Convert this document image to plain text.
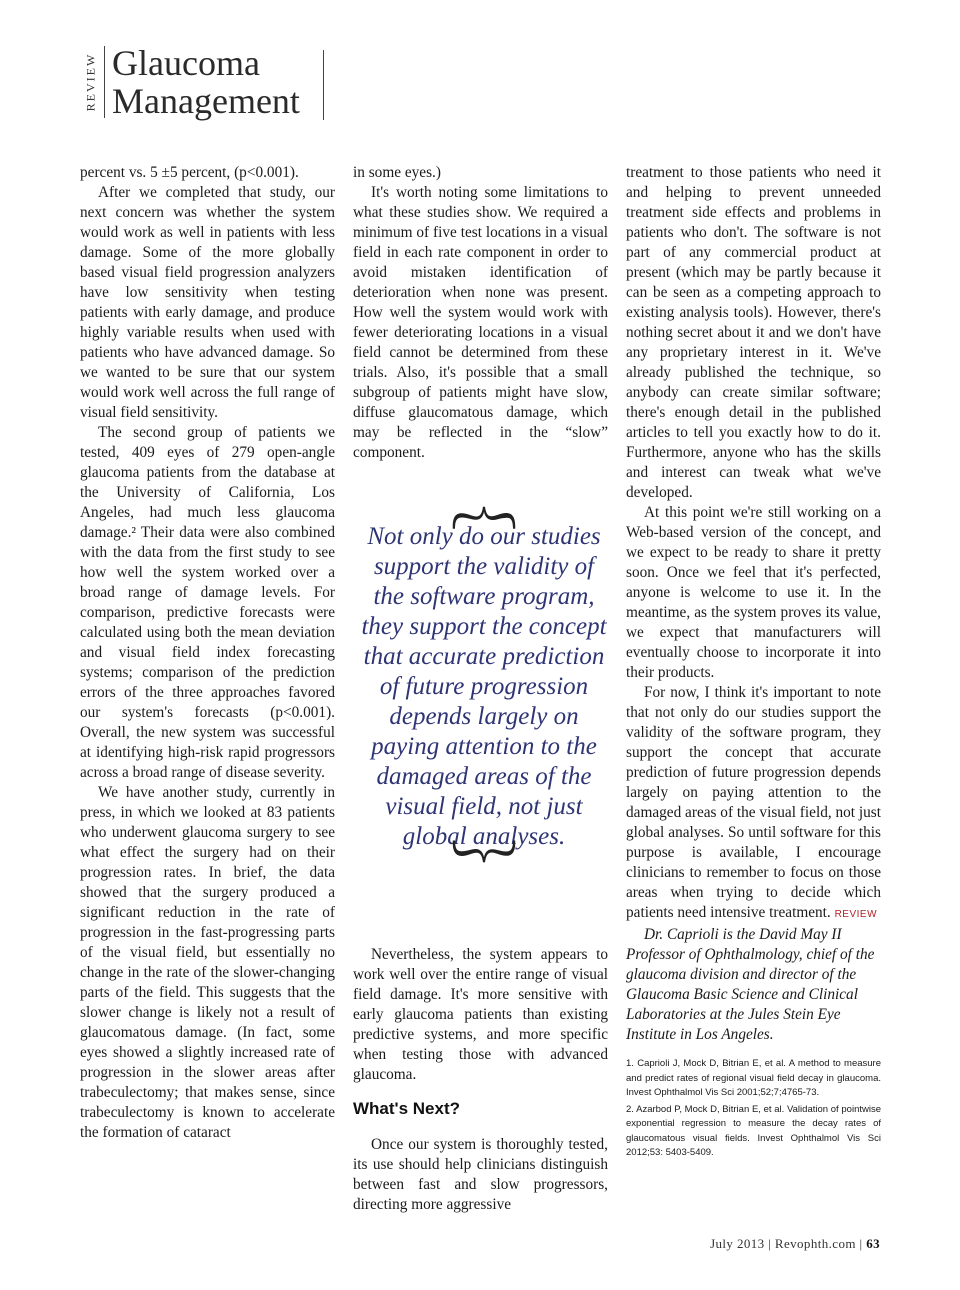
REVIEW Glaucoma
Management

percent vs. 5 ±5 percent, (p<0.001).

After we completed that study, our next concern was whether the system would work as well in patients with less damage. Some of the more globally based visual field progression analyzers have low sensitivity when testing patients with early damage, and produce highly variable results when used with patients who have advanced damage. So we wanted to be sure that our system would work well across the full range of visual field sensitivity.

The second group of patients we tested, 409 eyes of 279 open-angle glaucoma patients from the database at the University of California, Los Angeles, had much less glaucoma damage.² Their data were also combined with the data from the first study to see how well the system worked over a broad range of damage levels. For comparison, predictive forecasts were calculated using both the mean deviation and visual field index forecasting systems; comparison of the prediction errors of the three approaches favored our system's forecasts (p<0.001). Overall, the new system was successful at identifying high-risk rapid progressors across a broad range of disease severity.

We have another study, currently in press, in which we looked at 83 patients who underwent glaucoma surgery to see what effect the surgery had on their progression rates. In brief, the data showed that the surgery produced a significant reduction in the rate of progression in the fast-progressing parts of the visual field, but essentially no change in the rate of the slower-changing parts of the field. This suggests that the slower change is likely not a result of glaucomatous damage. (In fact, some eyes showed a slightly increased rate of progression in the slower areas after trabeculectomy; that makes sense, since trabeculectomy is known to accelerate the formation of cataract

in some eyes.)

It's worth noting some limitations to what these studies show. We required a minimum of five test locations in a visual field in each rate component in order to avoid mistaken identification of deterioration when none was present. How well the system would work with fewer deteriorating locations in a visual field cannot be determined from these trials. Also, it's possible that a small subgroup of patients might have slow, diffuse glaucomatous damage, which may be reflected in the “slow” component.

Nevertheless, the system appears to work well over the entire range of visual field damage. It's more sensitive with early glaucoma patients than existing predictive systems, and more specific when testing those with advanced glaucoma.

What's Next?

Once our system is thoroughly tested, its use should help clinicians distinguish between fast and slow progressors, directing more aggressive

︷
Not only do our studies support the validity of the software program, they support the concept that accurate prediction of future progression depends largely on paying attention to the damaged areas of the visual field, not just global analyses.
︸

treatment to those patients who need it and helping to prevent unneeded treatment side effects and problems in patients who don't. The software is not part of any commercial product at present (which may be partly because it can be seen as a competing approach to existing analysis tools). However, there's nothing secret about it and we don't have any proprietary interest in it. We've already published the technique, so anybody can create similar software; there's enough detail in the published articles to tell you exactly how to do it. Furthermore, anyone who has the skills and interest can tweak what we've developed.

At this point we're still working on a Web-based version of the concept, and we expect to be ready to share it pretty soon. Once we feel that it's perfected, anyone is welcome to use it. In the meantime, as the system proves its value, we expect that manufacturers will eventually choose to incorporate it into their products.

For now, I think it's important to note that not only do our studies support the validity of the software program, they support the concept that accurate prediction of future progression depends largely on paying attention to the damaged areas of the visual field, not just global analyses. So until software for this purpose is available, I encourage clinicians to remember to focus on those areas when trying to decide which patients need intensive treatment. REVIEW

Dr. Caprioli is the David May II Professor of Ophthalmology, chief of the glaucoma division and director of the Glaucoma Basic Science and Clinical Laboratories at the Jules Stein Eye Institute in Los Angeles.

1. Caprioli J, Mock D, Bitrian E, et al. A method to measure and predict rates of regional visual field decay in glaucoma. Invest Ophthalmol Vis Sci 2001;52;7;4765-73.

2. Azarbod P, Mock D, Bitrian E, et al. Validation of pointwise exponential regression to measure the decay rates of glaucomatous visual fields. Invest Ophthalmol Vis Sci 2012;53: 5403-5409.

July 2013 | Revophth.com | 63
